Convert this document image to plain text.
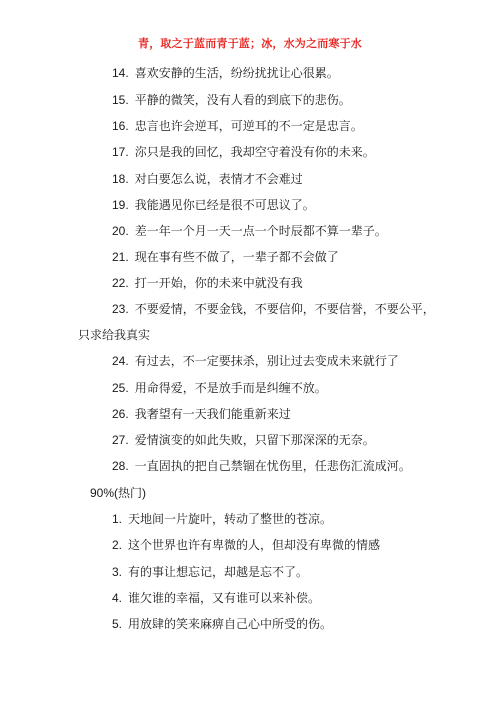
青，取之于蓝而青于蓝；冰，水为之而寒于水
14. 喜欢安静的生活，纷纷扰扰让心很累。
15. 平静的微笑，没有人看的到底下的悲伤。
16. 忠言也许会逆耳，可逆耳的不一定是忠言。
17. 沵只是我的回忆，我却空守着没有你的未来。
18. 对白要怎么说，表情才不会难过
19. 我能遇见你已经是很不可思议了。
20. 差一年一个月一天一点一个时辰都不算一辈子。
21. 现在事有些不做了，一辈子都不会做了
22. 打一开始，你的未来中就没有我
23. 不要爱情，不要金钱，不要信仰，不要信誉，不要公平，
只求给我真实
24. 有过去，不一定要抹杀，别让过去变成未来就行了
25. 用命得爱，不是放手而是纠缠不放。
26. 我奢望有一天我们能重新来过
27. 爱情演变的如此失败，只留下那深深的无奈。
28. 一直固执的把自己禁锢在忧伤里，任悲伤汇流成河。
90%(热门)
1. 天地间一片旋叶，转动了整世的苍凉。
2. 这个世界也许有卑微的人，但却没有卑微的情感
3. 有的事让想忘记，却越是忘不了。
4. 谁欠谁的幸福，又有谁可以来补偿。
5. 用放肆的笑来麻痹自己心中所受的伤。
